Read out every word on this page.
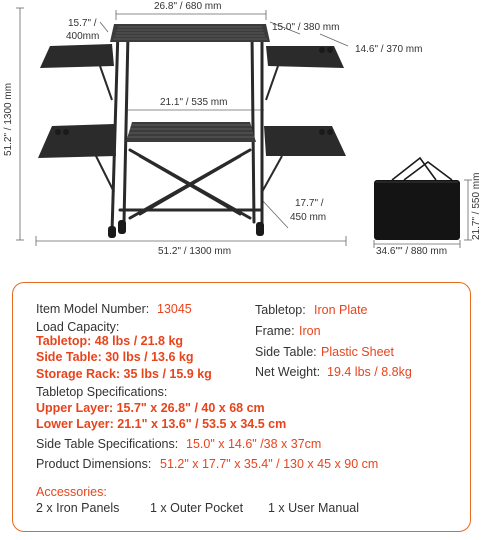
26.8" / 680 mm
15.7" /
400mm
15.0" / 380 mm
14.6" / 370 mm
51.2" / 1300 mm	21.1" / 535 mm
17.7" /
450 mm
51.2" / 1300 mm
21.7" / 550 mm
34.6"" / 880 mm
Item Model Number: 13045	Tabletop: Iron Plate
Load Capacity:
Tabletop: 48 lbs / 21.8 kg
Frame: Iron
Side Table: 30 lbs / 13.6 kg	Side Table: Plastic Sheet
Storage Rack: 35 lbs / 15.9 kg	Net Weight: 19.4 lbs / 8.8kg
Tabletop Specifications:
Upper Layer: 15.7" x 26.8" / 40 x 68 cm
Lower Layer: 21.1" x 13.6" / 53.5 x 34.5 cm
Side Table Specifications: 15.0" x 14.6" /38 x 37cm
Product Dimensions: 51.2" x 17.7" x 35.4" / 130 x 45 x 90 cm
Accessories:
2 x Iron Panels 1 x Outer Pocket 1 x User Manual
